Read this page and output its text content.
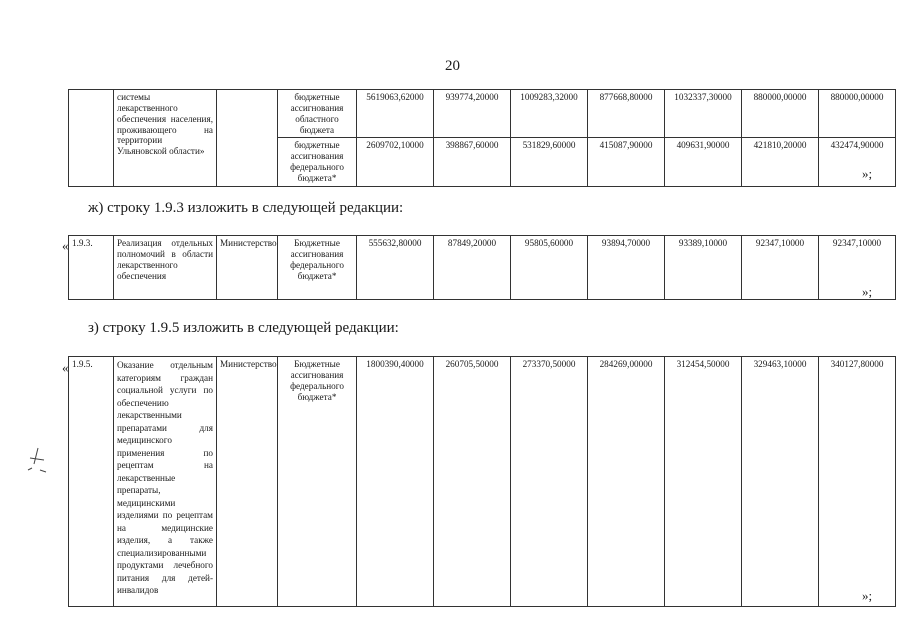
20
	системы лекарственного обеспечения населения, проживающего на территории Ульяновской области»		бюджетные ассигнования областного бюджета	5619063,62000	939774,20000	1009283,32000	877668,80000	1032337,30000	880000,00000	880000,00000
			бюджетные ассигнования федерального бюджета*	2609702,10000	398867,60000	531829,60000	415087,90000	409631,90000	421810,20000	432474,90000
»;
ж) строку 1.9.3 изложить в следующей редакции:
« 1.9.3.	Реализация отдельных полномочий в области лекарственного обеспечения	Министерство	Бюджетные ассигнования федерального бюджета*	555632,80000	87849,20000	95805,60000	93894,70000	93389,10000	92347,10000	92347,10000
»;
з) строку 1.9.5 изложить в следующей редакции:
« 1.9.5.	Оказание отдельным категориям граждан социальной услуги по обеспечению лекарственными препаратами для медицинского применения по рецептам на лекарственные препараты, медицинскими изделиями по рецептам на медицинские изделия, а также специализированными продуктами лечебного питания для детей-инвалидов	Министерство	Бюджетные ассигнования федерального бюджета*	1800390,40000	260705,50000	273370,50000	284269,00000	312454,50000	329463,10000	340127,80000
»;
